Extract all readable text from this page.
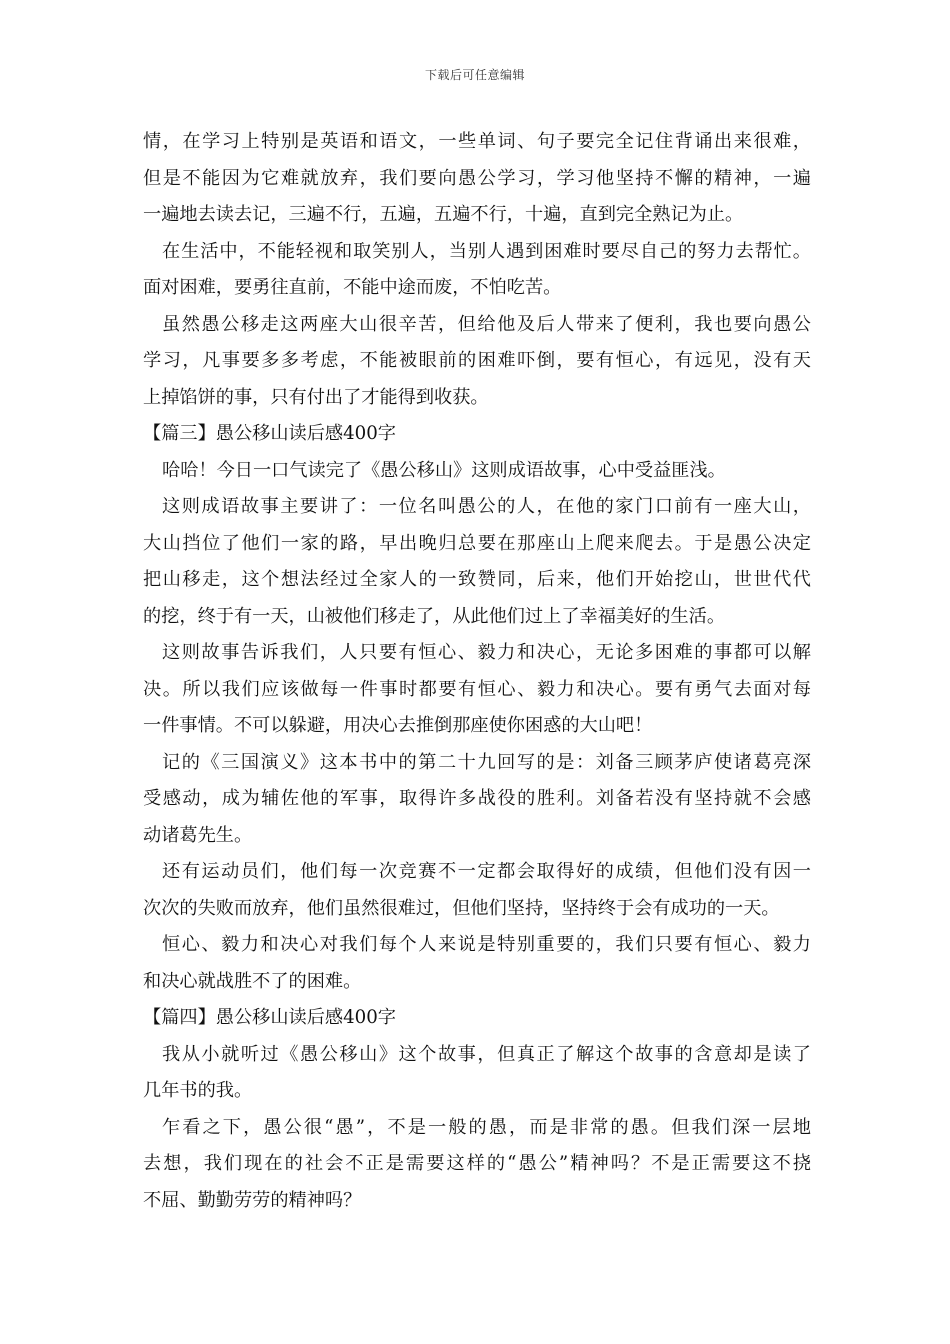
下载后可任意编辑
情，在学习上特别是英语和语文，一些单词、句子要完全记住背诵出来很难，
但是不能因为它难就放弃，我们要向愚公学习，学习他坚持不懈的精神，一遍
一遍地去读去记，三遍不行，五遍，五遍不行，十遍，直到完全熟记为止。
在生活中，不能轻视和取笑别人，当别人遇到困难时要尽自己的努力去帮忙。
面对困难，要勇往直前，不能中途而废，不怕吃苦。
虽然愚公移走这两座大山很辛苦，但给他及后人带来了便利，我也要向愚公
学习，凡事要多多考虑，不能被眼前的困难吓倒，要有恒心，有远见，没有天
上掉馅饼的事，只有付出了才能得到收获。
【篇三】愚公移山读后感400字
哈哈！今日一口气读完了《愚公移山》这则成语故事，心中受益匪浅。
这则成语故事主要讲了：一位名叫愚公的人，在他的家门口前有一座大山，
大山挡位了他们一家的路，早出晚归总要在那座山上爬来爬去。于是愚公决定
把山移走，这个想法经过全家人的一致赞同，后来，他们开始挖山，世世代代
的挖，终于有一天，山被他们移走了，从此他们过上了幸福美好的生活。
这则故事告诉我们，人只要有恒心、毅力和决心，无论多困难的事都可以解
决。所以我们应该做每一件事时都要有恒心、毅力和决心。要有勇气去面对每
一件事情。不可以躲避，用决心去推倒那座使你困惑的大山吧！
记的《三国演义》这本书中的第二十九回写的是：刘备三顾茅庐使诸葛亮深
受感动，成为辅佐他的军事，取得许多战役的胜利。刘备若没有坚持就不会感
动诸葛先生。
还有运动员们，他们每一次竞赛不一定都会取得好的成绩，但他们没有因一
次次的失败而放弃，他们虽然很难过，但他们坚持，坚持终于会有成功的一天。
恒心、毅力和决心对我们每个人来说是特别重要的，我们只要有恒心、毅力
和决心就战胜不了的困难。
【篇四】愚公移山读后感400字
我从小就听过《愚公移山》这个故事，但真正了解这个故事的含意却是读了
几年书的我。
乍看之下，愚公很“愚”，不是一般的愚，而是非常的愚。但我们深一层地
去想，我们现在的社会不正是需要这样的“愚公”精神吗？不是正需要这不挠
不屈、勤勤劳劳的精神吗？
